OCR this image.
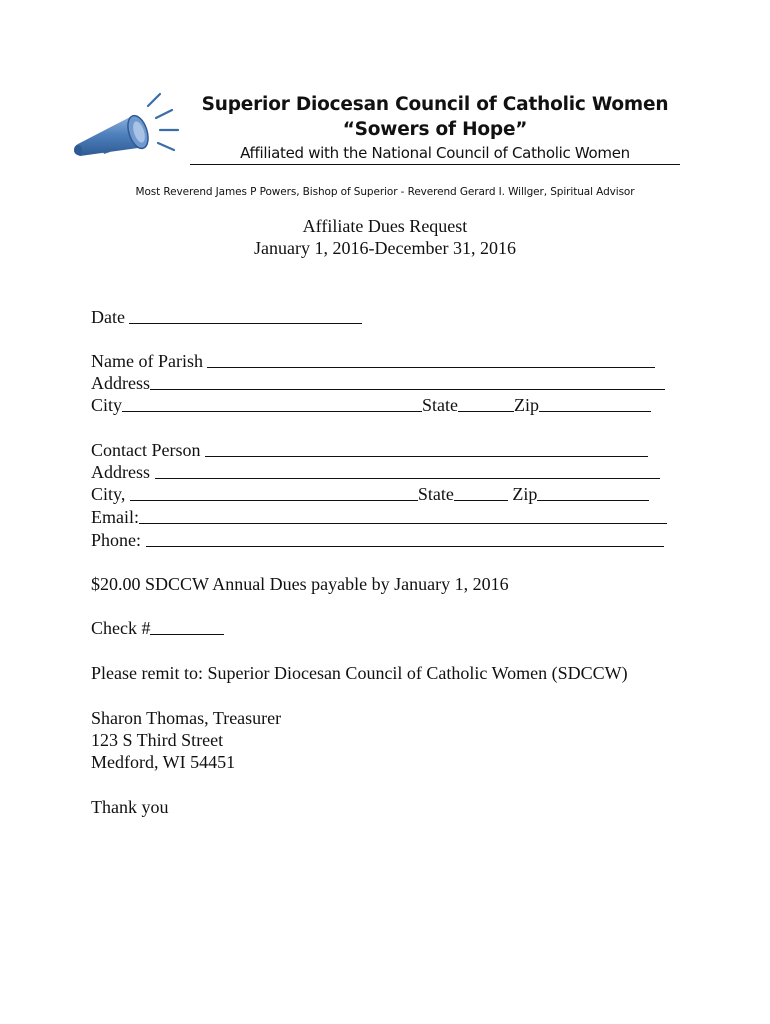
Superior Diocesan Council of Catholic Women
“Sowers of Hope”
Affiliated with the National Council of Catholic Women
Most Reverend James P Powers, Bishop of Superior - Reverend Gerard I. Willger, Spiritual Advisor
Affiliate Dues Request
January 1, 2016-December 31, 2016
Date
Name of Parish
Address
City	State	Zip
Contact Person
Address
City,	State	Zip
Email:
Phone:
$20.00 SDCCW Annual Dues payable by January 1, 2016
Check #
Please remit to: Superior Diocesan Council of Catholic Women (SDCCW)
Sharon Thomas, Treasurer
123 S Third Street
Medford, WI 54451
Thank you
